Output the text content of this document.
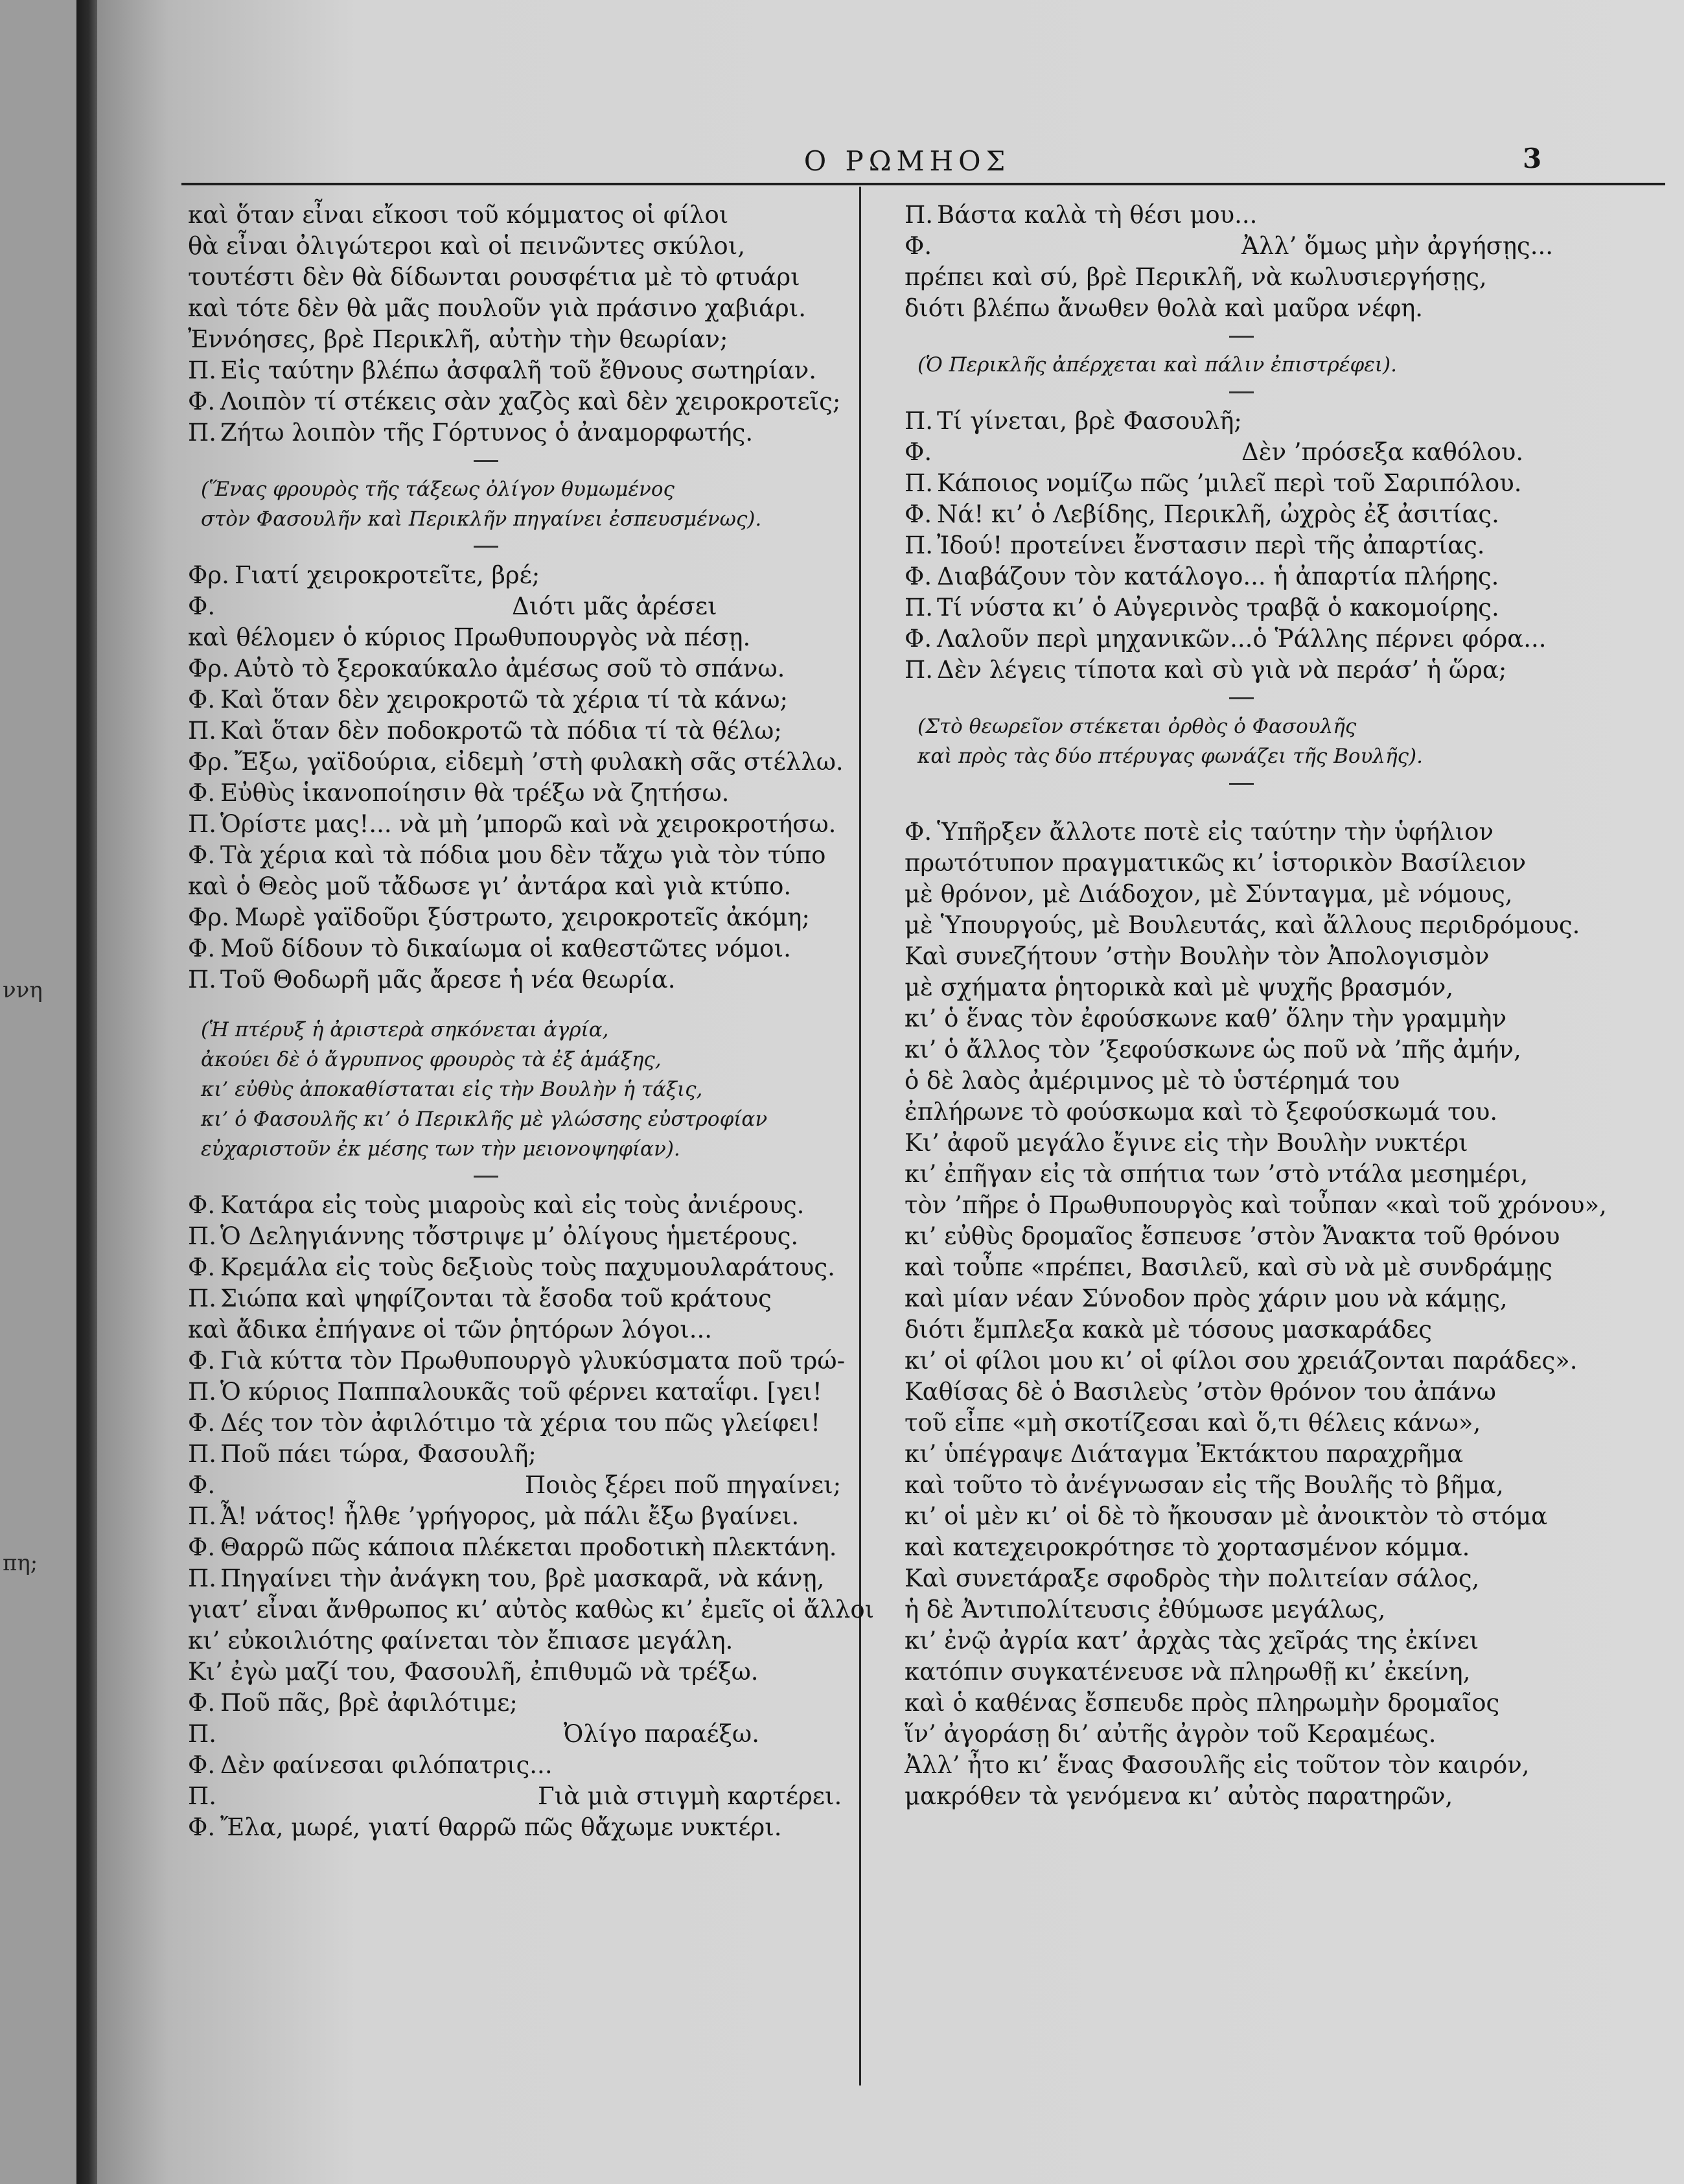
ννη
πη;
Ο ΡΩΜΗΟΣ	3
καὶ ὅταν εἶναι εἴκοσι τοῦ κόμματος οἱ φίλοι
θὰ εἶναι ὀλιγώτεροι καὶ οἱ πεινῶντες σκύλοι,
τουτέστι δὲν θὰ δίδωνται ρουσφέτια μὲ τὸ φτυάρι
καὶ τότε δὲν θὰ μᾶς πουλοῦν γιὰ πράσινο χαβιάρι.
Ἐννόησες, βρὲ Περικλῆ, αὐτὴν τὴν θεωρίαν;
Π. Εἰς ταύτην βλέπω ἀσφαλῆ τοῦ ἔθνους σωτηρίαν.
Φ. Λοιπὸν τί στέκεις σὰν χαζὸς καὶ δὲν χειροκροτεῖς;
Π. Ζήτω λοιπὸν τῆς Γόρτυνος ὁ ἀναμορφωτής.
(Ἕνας φρουρὸς τῆς τάξεως ὀλίγον θυμωμένος
στὸν Φασουλῆν καὶ Περικλῆν πηγαίνει ἐσπευσμένως).
Φρ. Γιατί χειροκροτεῖτε, βρέ;
Φ.	Διότι μᾶς ἀρέσει
καὶ θέλομεν ὁ κύριος Πρωθυπουργὸς νὰ πέσῃ.
Φρ. Αὐτὸ τὸ ξεροκαύκαλο ἀμέσως σοῦ τὸ σπάνω.
Φ. Καὶ ὅταν δὲν χειροκροτῶ τὰ χέρια τί τὰ κάνω;
Π. Καὶ ὅταν δὲν ποδοκροτῶ τὰ πόδια τί τὰ θέλω;
Φρ. Ἔξω, γαϊδούρια, εἰδεμὴ ’στὴ φυλακὴ σᾶς στέλλω.
Φ. Εὐθὺς ἱκανοποίησιν θὰ τρέξω νὰ ζητήσω.
Π. Ὁρίστε μας!... νὰ μὴ ’μπορῶ καὶ νὰ χειροκροτήσω.
Φ. Τὰ χέρια καὶ τὰ πόδια μου δὲν τἄχω γιὰ τὸν τύπο
καὶ ὁ Θεὸς μοῦ τἄδωσε γι’ ἀντάρα καὶ γιὰ κτύπο.
Φρ. Μωρὲ γαϊδοῦρι ξύστρωτο, χειροκροτεῖς ἀκόμη;
Φ. Μοῦ δίδουν τὸ δικαίωμα οἱ καθεστῶτες νόμοι.
Π. Τοῦ Θοδωρῆ μᾶς ἄρεσε ἡ νέα θεωρία.
(Ἡ πτέρυξ ἡ ἀριστερὰ σηκόνεται ἀγρία,
ἀκούει δὲ ὁ ἄγρυπνος φρουρὸς τὰ ἐξ ἁμάξης,
κι’ εὐθὺς ἀποκαθίσταται εἰς τὴν Βουλὴν ἡ τάξις,
κι’ ὁ Φασουλῆς κι’ ὁ Περικλῆς μὲ γλώσσης εὐστροφίαν
εὐχαριστοῦν ἐκ μέσης των τὴν μειονοψηφίαν).
Φ. Κατάρα εἰς τοὺς μιαροὺς καὶ εἰς τοὺς ἀνιέρους.
Π. Ὁ Δεληγιάννης τὄστριψε μ’ ὀλίγους ἡμετέρους.
Φ. Κρεμάλα εἰς τοὺς δεξιοὺς τοὺς παχυμουλαράτους.
Π. Σιώπα καὶ ψηφίζονται τὰ ἔσοδα τοῦ κράτους
καὶ ἄδικα ἐπήγανε οἱ τῶν ῥητόρων λόγοι...
Φ. Γιὰ κύττα τὸν Πρωθυπουργὸ γλυκύσματα ποῦ τρώ-
Π. Ὁ κύριος Παππαλουκᾶς τοῦ φέρνει καταΐφι. [γει!
Φ. Δές τον τὸν ἀφιλότιμο τὰ χέρια του πῶς γλείφει!
Π. Ποῦ πάει τώρα, Φασουλῆ;
Φ.	Ποιὸς ξέρει ποῦ πηγαίνει;
Π. Ἆ! νάτος! ἦλθε ’γρήγορος, μὰ πάλι ἔξω βγαίνει.
Φ. Θαρρῶ πῶς κάποια πλέκεται προδοτικὴ πλεκτάνη.
Π. Πηγαίνει τὴν ἀνάγκη του, βρὲ μασκαρᾶ, νὰ κάνῃ,
γιατ’ εἶναι ἄνθρωπος κι’ αὐτὸς καθὼς κι’ ἐμεῖς οἱ ἄλλοι
κι’ εὐκοιλιότης φαίνεται τὸν ἔπιασε μεγάλη.
Κι’ ἐγὼ μαζί του, Φασουλῆ, ἐπιθυμῶ νὰ τρέξω.
Φ. Ποῦ πᾶς, βρὲ ἀφιλότιμε;
Π.	Ὀλίγο παραέξω.
Φ. Δὲν φαίνεσαι φιλόπατρις...
Π.	Γιὰ μιὰ στιγμὴ καρτέρει.
Φ. Ἔλα, μωρέ, γιατί θαρρῶ πῶς θἄχωμε νυκτέρι.
Π. Βάστα καλὰ τὴ θέσι μου...
Φ.	Ἀλλ’ ὅμως μὴν ἀργήσῃς...
πρέπει καὶ σύ, βρὲ Περικλῆ, νὰ κωλυσιεργήσῃς,
διότι βλέπω ἄνωθεν θολὰ καὶ μαῦρα νέφη.
(Ὁ Περικλῆς ἀπέρχεται καὶ πάλιν ἐπιστρέφει).
Π. Τί γίνεται, βρὲ Φασουλῆ;
Φ.	Δὲν ’πρόσεξα καθόλου.
Π. Κάποιος νομίζω πῶς ’μιλεῖ περὶ τοῦ Σαριπόλου.
Φ. Νά! κι’ ὁ Λεβίδης, Περικλῆ, ὠχρὸς ἐξ ἀσιτίας.
Π. Ἰδού! προτείνει ἔνστασιν περὶ τῆς ἀπαρτίας.
Φ. Διαβάζουν τὸν κατάλογο... ἡ ἀπαρτία πλήρης.
Π. Τί νύστα κι’ ὁ Αὐγερινὸς τραβᾷ ὁ κακομοίρης.
Φ. Λαλοῦν περὶ μηχανικῶν...ὁ Ῥάλλης πέρνει φόρα...
Π. Δὲν λέγεις τίποτα καὶ σὺ γιὰ νὰ περάσ’ ἡ ὥρα;
(Στὸ θεωρεῖον στέκεται ὀρθὸς ὁ Φασουλῆς
καὶ πρὸς τὰς δύο πτέρυγας φωνάζει τῆς Βουλῆς).
Φ. Ὑπῆρξεν ἄλλοτε ποτὲ εἰς ταύτην τὴν ὑφήλιον
πρωτότυπον πραγματικῶς κι’ ἱστορικὸν Βασίλειον
μὲ θρόνον, μὲ Διάδοχον, μὲ Σύνταγμα, μὲ νόμους,
μὲ Ὑπουργούς, μὲ Βουλευτάς, καὶ ἄλλους περιδρόμους.
Καὶ συνεζήτουν ’στὴν Βουλὴν τὸν Ἀπολογισμὸν
μὲ σχήματα ῥητορικὰ καὶ μὲ ψυχῆς βρασμόν,
κι’ ὁ ἕνας τὸν ἐφούσκωνε καθ’ ὅλην τὴν γραμμὴν
κι’ ὁ ἄλλος τὸν ’ξεφούσκωνε ὡς ποῦ νὰ ’πῆς ἀμήν,
ὁ δὲ λαὸς ἀμέριμνος μὲ τὸ ὑστέρημά του
ἐπλήρωνε τὸ φούσκωμα καὶ τὸ ξεφούσκωμά του.
Κι’ ἀφοῦ μεγάλο ἔγινε εἰς τὴν Βουλὴν νυκτέρι
κι’ ἐπῆγαν εἰς τὰ σπήτια των ’στὸ ντάλα μεσημέρι,
τὸν ’πῆρε ὁ Πρωθυπουργὸς καὶ τοὖπαν «καὶ τοῦ χρόνου»,
κι’ εὐθὺς δρομαῖος ἔσπευσε ’στὸν Ἄνακτα τοῦ θρόνου
καὶ τοὖπε «πρέπει, Βασιλεῦ, καὶ σὺ νὰ μὲ συνδράμῃς
καὶ μίαν νέαν Σύνοδον πρὸς χάριν μου νὰ κάμῃς,
διότι ἔμπλεξα κακὰ μὲ τόσους μασκαράδες
κι’ οἱ φίλοι μου κι’ οἱ φίλοι σου χρειάζονται παράδες».
Καθίσας δὲ ὁ Βασιλεὺς ’στὸν θρόνον του ἀπάνω
τοῦ εἶπε «μὴ σκοτίζεσαι καὶ ὅ,τι θέλεις κάνω»,
κι’ ὑπέγραψε Διάταγμα Ἐκτάκτου παραχρῆμα
καὶ τοῦτο τὸ ἀνέγνωσαν εἰς τῆς Βουλῆς τὸ βῆμα,
κι’ οἱ μὲν κι’ οἱ δὲ τὸ ἤκουσαν μὲ ἀνοικτὸν τὸ στόμα
καὶ κατεχειροκρότησε τὸ χορτασμένον κόμμα.
Καὶ συνετάραξε σφοδρὸς τὴν πολιτείαν σάλος,
ἡ δὲ Ἀντιπολίτευσις ἐθύμωσε μεγάλως,
κι’ ἐνῷ ἀγρία κατ’ ἀρχὰς τὰς χεῖράς της ἐκίνει
κατόπιν συγκατένευσε νὰ πληρωθῇ κι’ ἐκείνη,
καὶ ὁ καθένας ἔσπευδε πρὸς πληρωμὴν δρομαῖος
ἵν’ ἀγοράσῃ δι’ αὐτῆς ἀγρὸν τοῦ Κεραμέως.
Ἀλλ’ ἦτο κι’ ἕνας Φασουλῆς εἰς τοῦτον τὸν καιρόν,
μακρόθεν τὰ γενόμενα κι’ αὐτὸς παρατηρῶν,
